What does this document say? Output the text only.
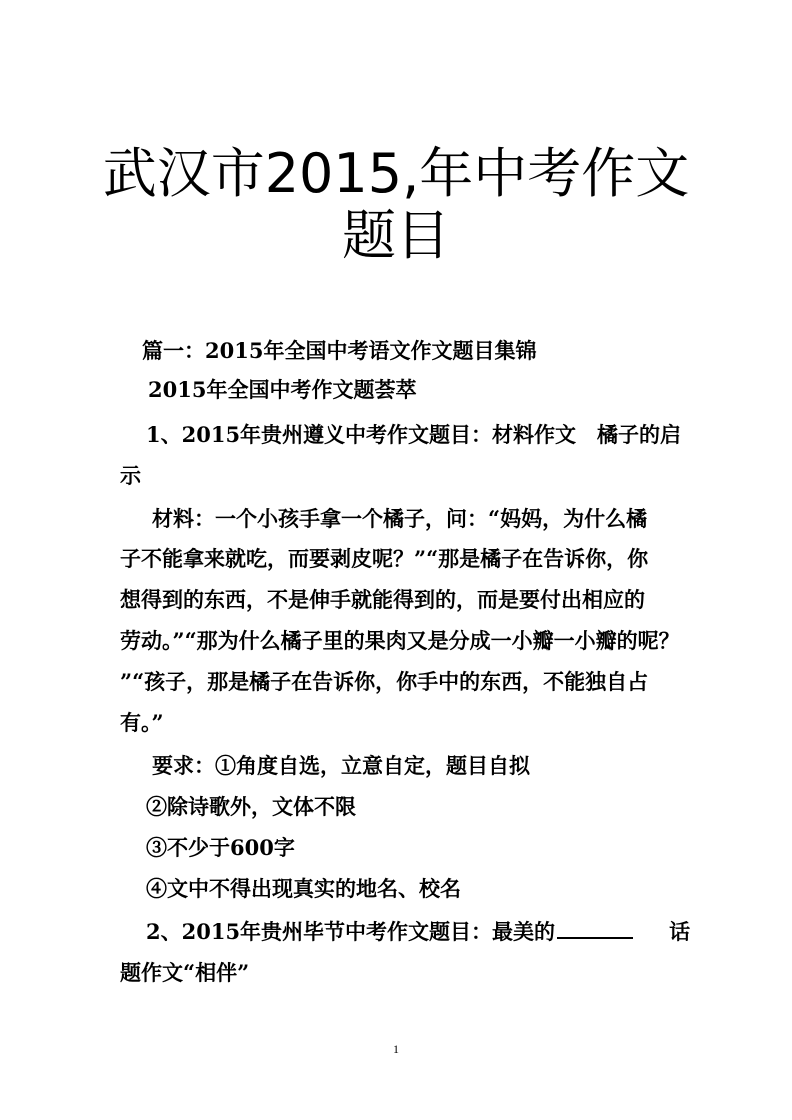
武汉市2015,年中考作文
题目
篇一：2015年全国中考语文作文题目集锦
2015年全国中考作文题荟萃
1、2015年贵州遵义中考作文题目：材料作文　橘子的启
示
材料：一个小孩手拿一个橘子，问：“妈妈，为什么橘
子不能拿来就吃，而要剥皮呢？”“那是橘子在告诉你，你
想得到的东西，不是伸手就能得到的，而是要付出相应的
劳动。”“那为什么橘子里的果肉又是分成一小瓣一小瓣的呢？
”“孩子，那是橘子在告诉你，你手中的东西，不能独自占
有。”
要求：①角度自选，立意自定，题目自拟
②除诗歌外，文体不限
③不少于600字
④文中不得出现真实的地名、校名
2、2015年贵州毕节中考作文题目：最美的	话
题作文“相伴”
1
